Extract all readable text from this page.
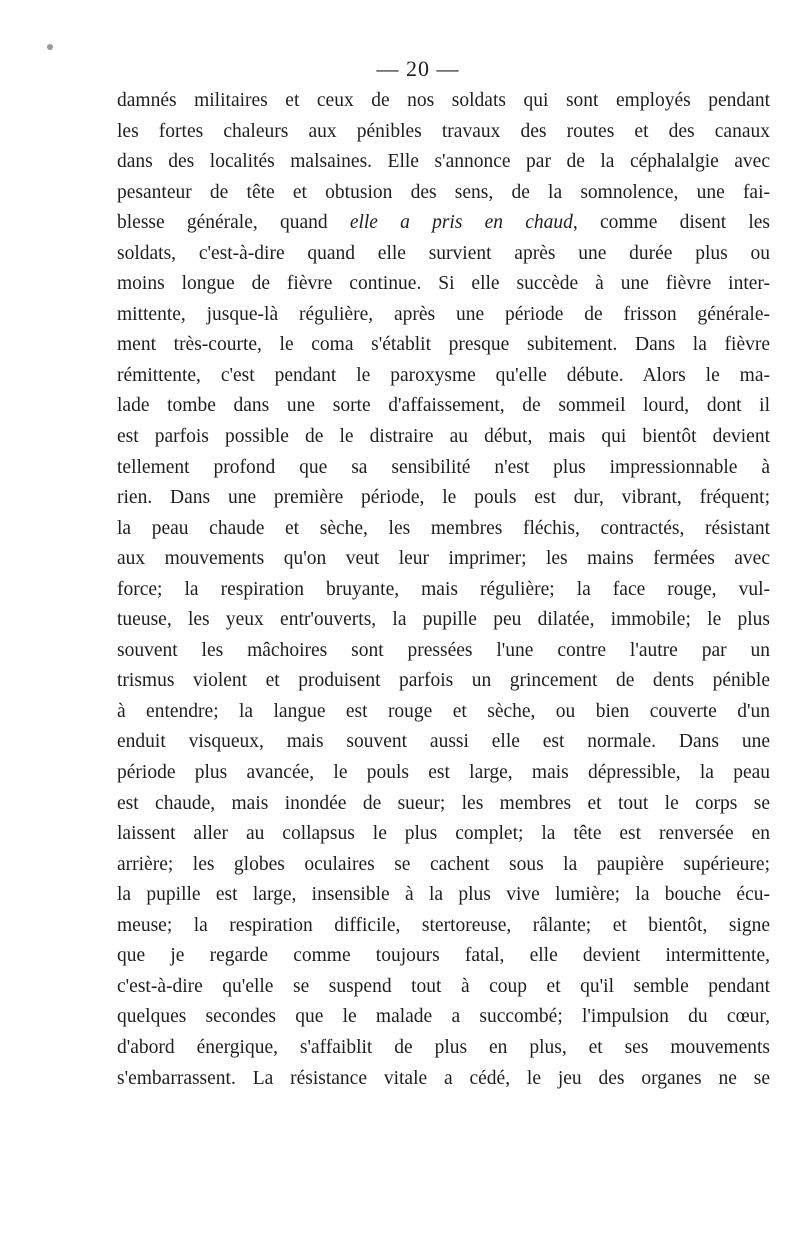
— 20 —
damnés militaires et ceux de nos soldats qui sont employés pendant
les fortes chaleurs aux pénibles travaux des routes et des canaux
dans des localités malsaines. Elle s'annonce par de la céphalalgie avec
pesanteur de tête et obtusion des sens, de la somnolence, une fai-
blesse générale, quand elle a pris en chaud, comme disent les
soldats, c'est-à-dire quand elle survient après une durée plus ou
moins longue de fièvre continue. Si elle succède à une fièvre inter-
mittente, jusque-là régulière, après une période de frisson générale-
ment très-courte, le coma s'établit presque subitement. Dans la fièvre
rémittente, c'est pendant le paroxysme qu'elle débute. Alors le ma-
lade tombe dans une sorte d'affaissement, de sommeil lourd, dont il
est parfois possible de le distraire au début, mais qui bientôt devient
tellement profond que sa sensibilité n'est plus impressionnable à
rien. Dans une première période, le pouls est dur, vibrant, fréquent;
la peau chaude et sèche, les membres fléchis, contractés, résistant
aux mouvements qu'on veut leur imprimer; les mains fermées avec
force; la respiration bruyante, mais régulière; la face rouge, vul-
tueuse, les yeux entr'ouverts, la pupille peu dilatée, immobile; le plus
souvent les mâchoires sont pressées l'une contre l'autre par un
trismus violent et produisent parfois un grincement de dents pénible
à entendre; la langue est rouge et sèche, ou bien couverte d'un
enduit visqueux, mais souvent aussi elle est normale. Dans une
période plus avancée, le pouls est large, mais dépressible, la peau
est chaude, mais inondée de sueur; les membres et tout le corps se
laissent aller au collapsus le plus complet; la tête est renversée en
arrière; les globes oculaires se cachent sous la paupière supérieure;
la pupille est large, insensible à la plus vive lumière; la bouche écu-
meuse; la respiration difficile, stertoreuse, râlante; et bientôt, signe
que je regarde comme toujours fatal, elle devient intermittente,
c'est-à-dire qu'elle se suspend tout à coup et qu'il semble pendant
quelques secondes que le malade a succombé; l'impulsion du cœur,
d'abord énergique, s'affaiblit de plus en plus, et ses mouvements
s'embarrassent. La résistance vitale a cédé, le jeu des organes ne se
